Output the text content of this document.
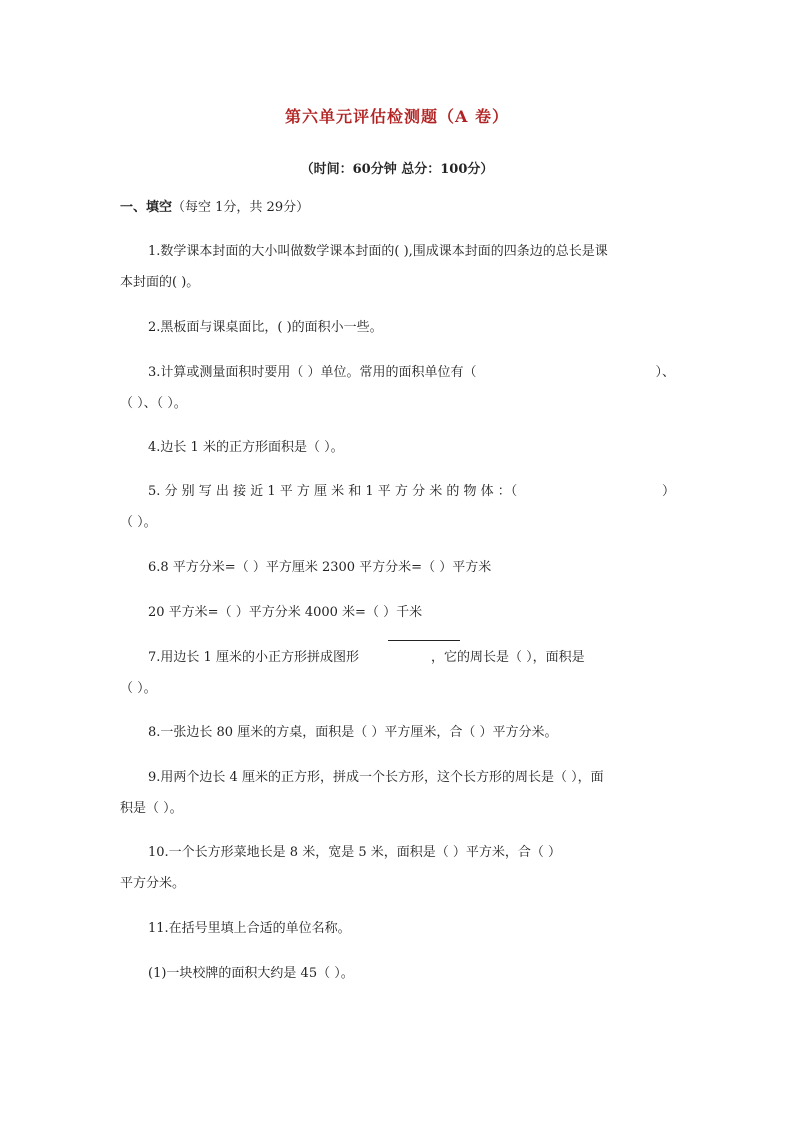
第六单元评估检测题（A 卷）
（时间：60分钟 总分：100分）
一、填空（每空 1分，共 29分）
1.数学课本封面的大小叫做数学课本封面的( ),围成课本封面的四条边的总长是课
本封面的( )。
2.黑板面与课桌面比，( )的面积小一些。
3.计算或测量面积时要用（ ）单位。常用的面积单位有（	）、
（ ）、（ ）。
4.边长 1 米的正方形面积是（ ）。
5. 分 别 写 出 接 近 1 平 方 厘 米 和 1 平 方 分 米 的 物 体 ：（	）
（ ）。
6.8 平方分米=（ ）平方厘米 2300 平方分米=（ ）平方米
20 平方米=（ ）平方分米 4000 米=（ ）千米
7.用边长 1 厘米的小正方形拼成图形	，它的周长是（ ），面积是
（ ）。
8.一张边长 80 厘米的方桌，面积是（ ）平方厘米，合（ ）平方分米。
9.用两个边长 4 厘米的正方形，拼成一个长方形，这个长方形的周长是（ ），面
积是（ ）。
10.一个长方形菜地长是 8 米，宽是 5 米，面积是（ ）平方米，合（ ）
平方分米。
11.在括号里填上合适的单位名称。
(1)一块校牌的面积大约是 45（ ）。
